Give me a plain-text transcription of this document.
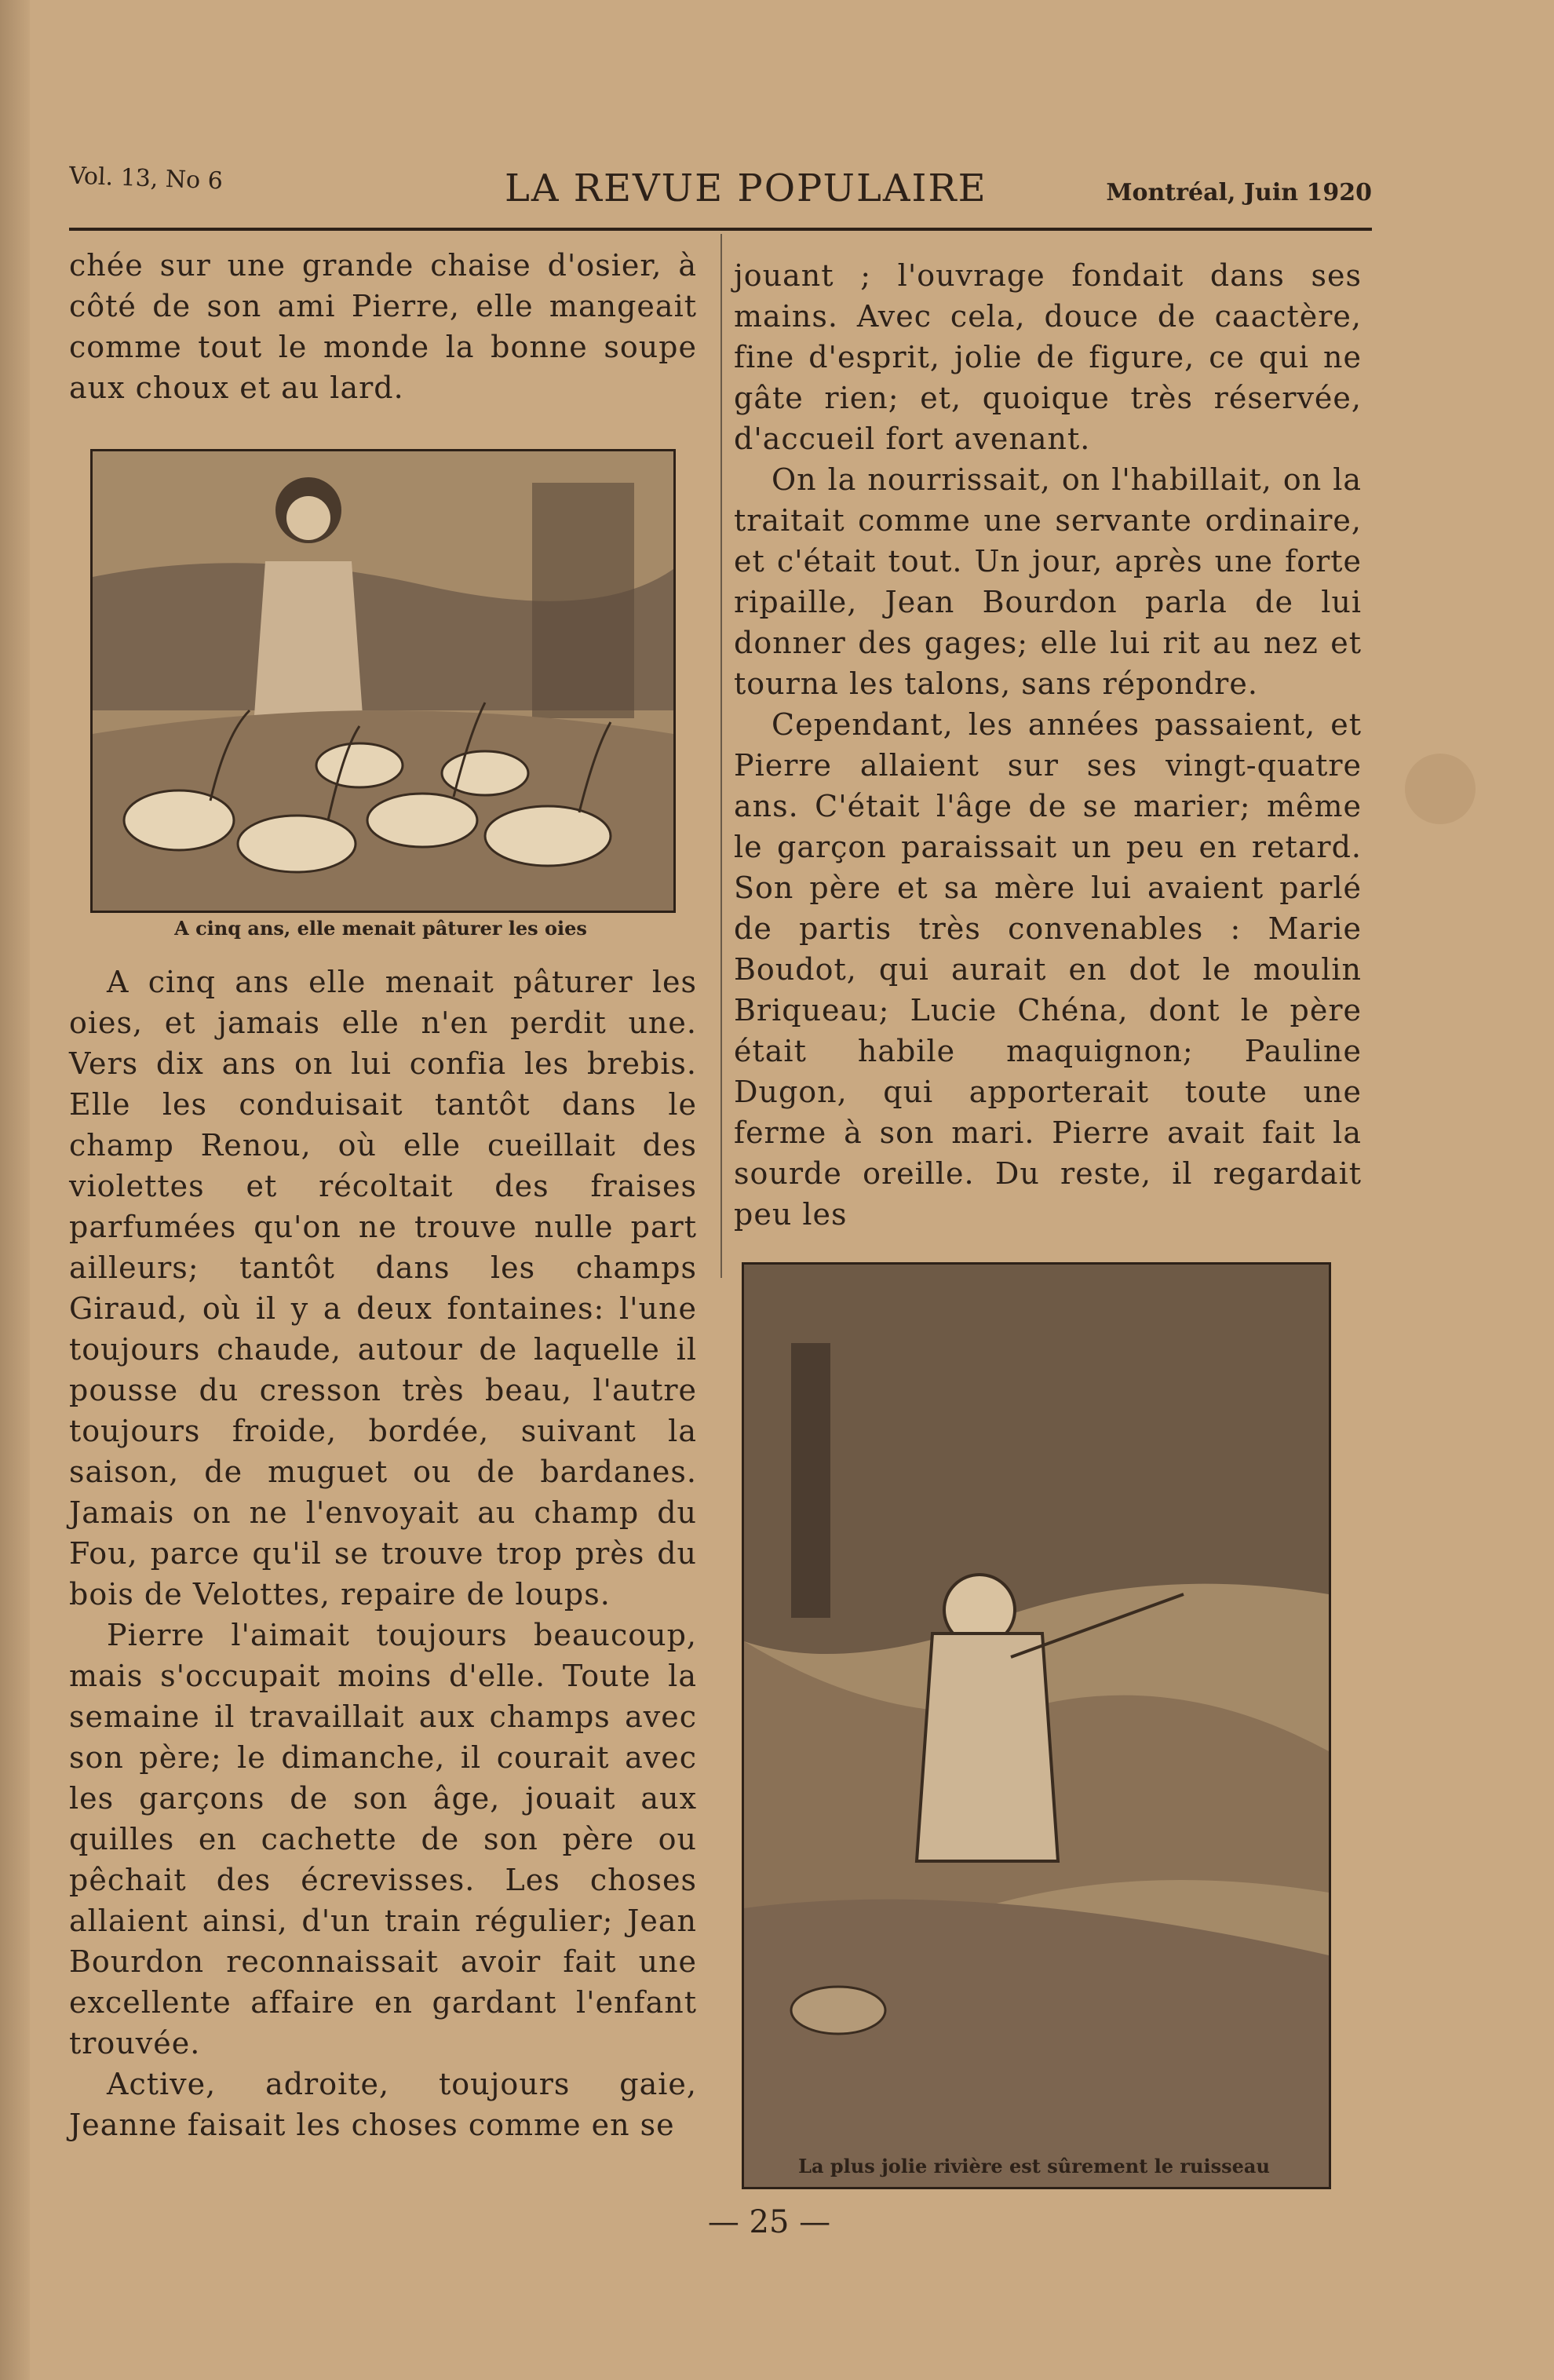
Vol. 13, No 6	LA REVUE POPULAIRE	Montréal, Juin 1920

chée sur une grande chaise d'osier, à côté de son ami Pierre, elle mangeait comme tout le monde la bonne soupe aux choux et au lard.

A cinq ans, elle menait pâturer les oies

A cinq ans elle menait pâturer les oies, et jamais elle n'en perdit une. Vers dix ans on lui confia les brebis. Elle les conduisait tantôt dans le champ Renou, où elle cueillait des violettes et récoltait des fraises parfumées qu'on ne trouve nulle part ailleurs; tantôt dans les champs Giraud, où il y a deux fontaines: l'une toujours chaude, autour de laquelle il pousse du cresson très beau, l'autre toujours froide, bordée, suivant la saison, de muguet ou de bardanes. Jamais on ne l'envoyait au champ du Fou, parce qu'il se trouve trop près du bois de Velottes, repaire de loups.

Pierre l'aimait toujours beaucoup, mais s'occupait moins d'elle. Toute la semaine il travaillait aux champs avec son père; le dimanche, il courait avec les garçons de son âge, jouait aux quilles en cachette de son père ou pêchait des écrevisses. Les choses allaient ainsi, d'un train régulier; Jean Bourdon reconnaissait avoir fait une excellente affaire en gardant l'enfant trouvée.

Active, adroite, toujours gaie, Jeanne faisait les choses comme en se

jouant ; l'ouvrage fondait dans ses mains. Avec cela, douce de caactère, fine d'esprit, jolie de figure, ce qui ne gâte rien; et, quoique très réservée, d'accueil fort avenant.

On la nourrissait, on l'habillait, on la traitait comme une servante ordinaire, et c'était tout. Un jour, après une forte ripaille, Jean Bourdon parla de lui donner des gages; elle lui rit au nez et tourna les talons, sans répondre.

Cependant, les années passaient, et Pierre allaient sur ses vingt-quatre ans. C'était l'âge de se marier; même le garçon paraissait un peu en retard. Son père et sa mère lui avaient parlé de partis très convenables : Marie Boudot, qui aurait en dot le moulin Briqueau; Lucie Chéna, dont le père était habile maquignon; Pauline Dugon, qui apporterait toute une ferme à son mari. Pierre avait fait la sourde oreille. Du reste, il regardait peu les

La plus jolie rivière est sûrement le ruisseau
— 25 —
